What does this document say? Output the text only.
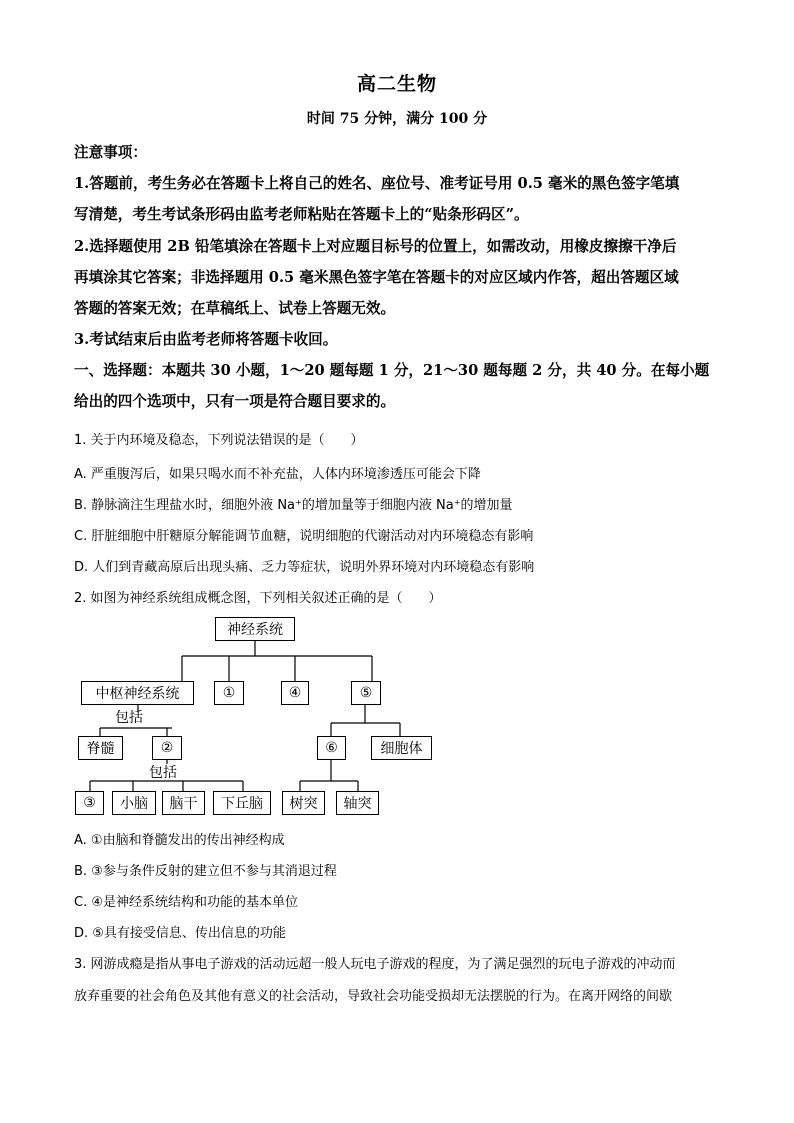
高二生物
时间 75 分钟，满分 100 分
注意事项：
1.答题前，考生务必在答题卡上将自己的姓名、座位号、准考证号用 0.5 毫米的黑色签字笔填
写清楚，考生考试条形码由监考老师粘贴在答题卡上的“贴条形码区”。
2.选择题使用 2B 铅笔填涂在答题卡上对应题目标号的位置上，如需改动，用橡皮擦擦干净后
再填涂其它答案；非选择题用 0.5 毫米黑色签字笔在答题卡的对应区域内作答，超出答题区域
答题的答案无效；在草稿纸上、试卷上答题无效。
3.考试结束后由监考老师将答题卡收回。
一、选择题：本题共 30 小题，1～20 题每题 1 分，21～30 题每题 2 分，共 40 分。在每小题
给出的四个选项中，只有一项是符合题目要求的。
1. 关于内环境及稳态，下列说法错误的是（　　）
A. 严重腹泻后，如果只喝水而不补充盐，人体内环境渗透压可能会下降
B. 静脉滴注生理盐水时，细胞外液 Na⁺的增加量等于细胞内液 Na⁺的增加量
C. 肝脏细胞中肝糖原分解能调节血糖，说明细胞的代谢活动对内环境稳态有影响
D. 人们到青藏高原后出现头痛、乏力等症状，说明外界环境对内环境稳态有影响
2. 如图为神经系统组成概念图，下列相关叙述正确的是（　　）
神经系统
中枢神经系统	①	④	⑤
包括
脊髓	②	⑥	细胞体
包括
③	小脑	脑干	下丘脑	树突	轴突
A. ①由脑和脊髓发出的传出神经构成
B. ③参与条件反射的建立但不参与其消退过程
C. ④是神经系统结构和功能的基本单位
D. ⑤具有接受信息、传出信息的功能
3. 网游成瘾是指从事电子游戏的活动远超一般人玩电子游戏的程度，为了满足强烈的玩电子游戏的冲动而
放弃重要的社会角色及其他有意义的社会活动，导致社会功能受损却无法摆脱的行为。在离开网络的间歇
